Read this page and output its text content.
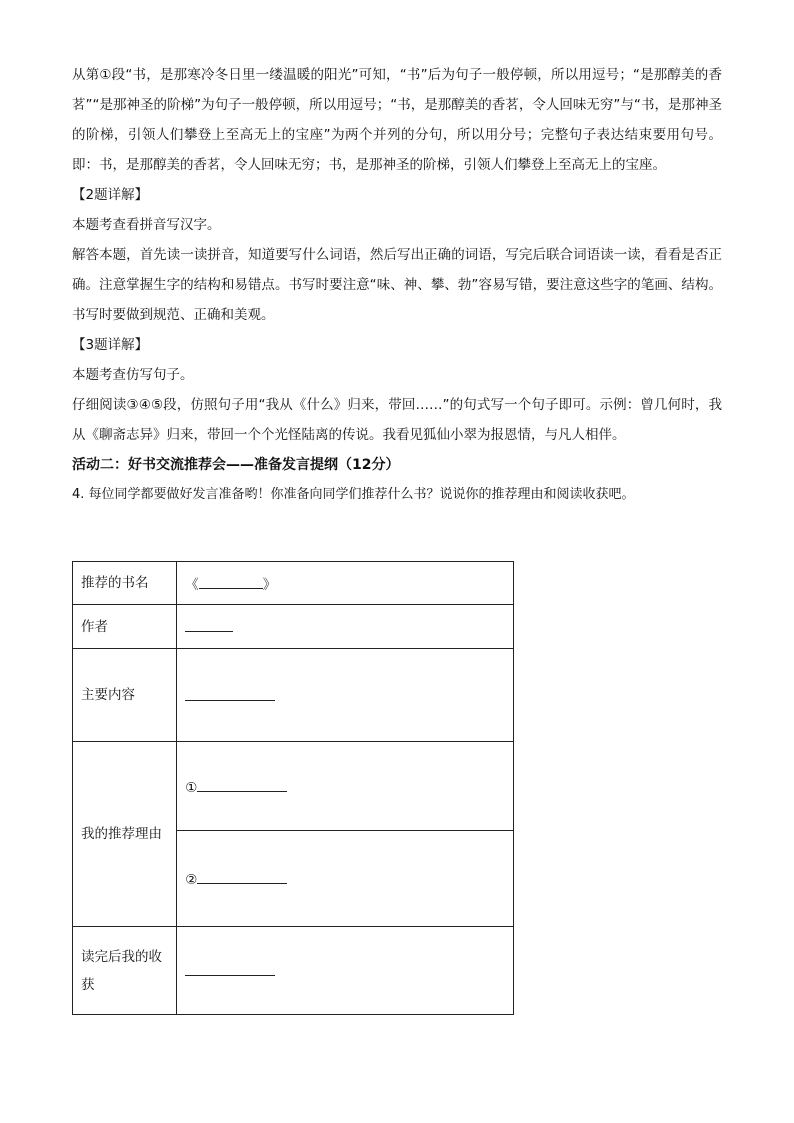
从第①段“书，是那寒冷冬日里一缕温暖的阳光”可知，“书”后为句子一般停顿，所以用逗号；“是那醇美的香茗”“是那神圣的阶梯”为句子一般停顿，所以用逗号；“书，是那醇美的香茗，令人回味无穷”与“书，是那神圣的阶梯，引领人们攀登上至高无上的宝座”为两个并列的分句，所以用分号；完整句子表达结束要用句号。即：书，是那醇美的香茗，令人回味无穷；书，是那神圣的阶梯，引领人们攀登上至高无上的宝座。

【2题详解】

本题考查看拼音写汉字。

解答本题，首先读一读拼音，知道要写什么词语，然后写出正确的词语，写完后联合词语读一读，看看是否正确。注意掌握生字的结构和易错点。书写时要注意“味、神、攀、勃”容易写错，要注意这些字的笔画、结构。书写时要做到规范、正确和美观。

【3题详解】

本题考查仿写句子。

仔细阅读③④⑤段，仿照句子用“我从《什么》归来，带回……”的句式写一个句子即可。示例：曾几何时，我从《聊斋志异》归来，带回一个个光怪陆离的传说。我看见狐仙小翠为报恩情，与凡人相伴。

活动二：好书交流推荐会——准备发言提纲（12分）

4. 每位同学都要做好发言准备哟！你准备向同学们推荐什么书？说说你的推荐理由和阅读收获吧。

推荐的书名	《 》
作者	
主要内容	
我的推荐理由	①
	②
读完后我的收获	
